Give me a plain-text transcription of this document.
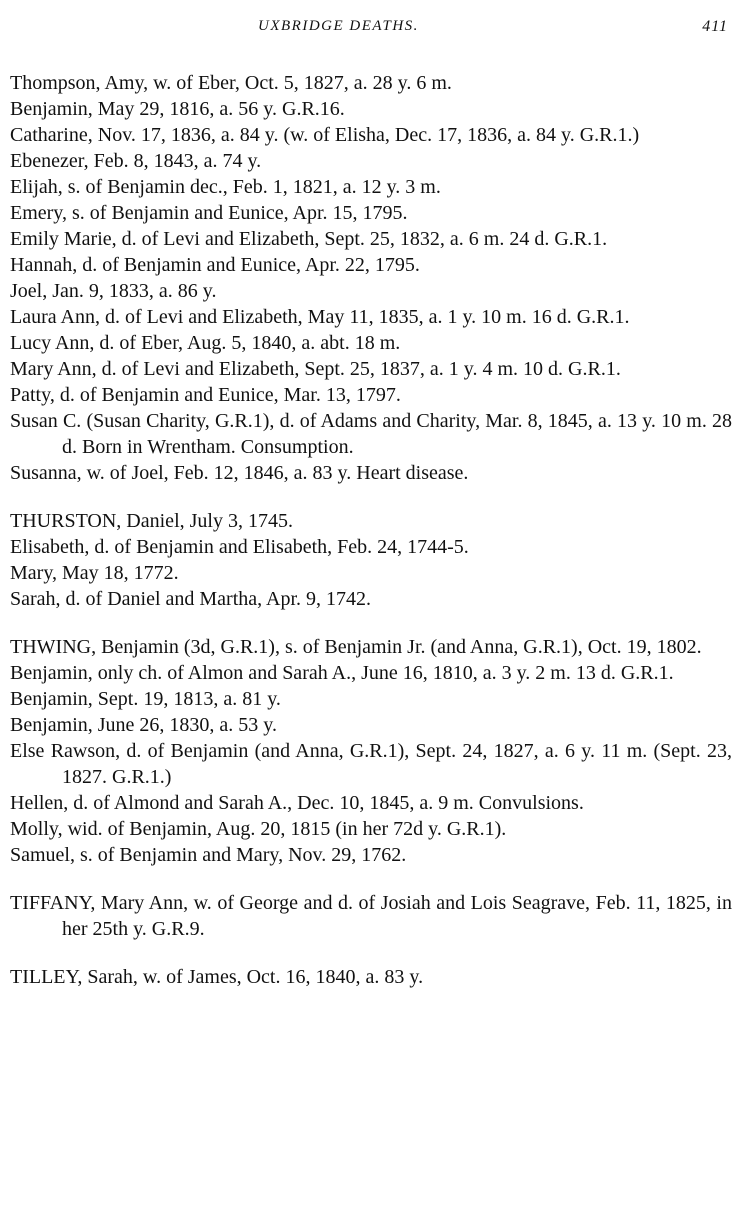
UXBRIDGE DEATHS.	411

Thompson, Amy, w. of Eber, Oct. 5, 1827, a. 28 y. 6 m.

Benjamin, May 29, 1816, a. 56 y. G.R.16.

Catharine, Nov. 17, 1836, a. 84 y. (w. of Elisha, Dec. 17, 1836, a. 84 y. G.R.1.)

Ebenezer, Feb. 8, 1843, a. 74 y.

Elijah, s. of Benjamin dec., Feb. 1, 1821, a. 12 y. 3 m.

Emery, s. of Benjamin and Eunice, Apr. 15, 1795.

Emily Marie, d. of Levi and Elizabeth, Sept. 25, 1832, a. 6 m. 24 d. G.R.1.

Hannah, d. of Benjamin and Eunice, Apr. 22, 1795.

Joel, Jan. 9, 1833, a. 86 y.

Laura Ann, d. of Levi and Elizabeth, May 11, 1835, a. 1 y. 10 m. 16 d. G.R.1.

Lucy Ann, d. of Eber, Aug. 5, 1840, a. abt. 18 m.

Mary Ann, d. of Levi and Elizabeth, Sept. 25, 1837, a. 1 y. 4 m. 10 d. G.R.1.

Patty, d. of Benjamin and Eunice, Mar. 13, 1797.

Susan C. (Susan Charity, G.R.1), d. of Adams and Charity, Mar. 8, 1845, a. 13 y. 10 m. 28 d. Born in Wrentham. Consumption.

Susanna, w. of Joel, Feb. 12, 1846, a. 83 y. Heart disease.

THURSTON, Daniel, July 3, 1745.

Elisabeth, d. of Benjamin and Elisabeth, Feb. 24, 1744-5.

Mary, May 18, 1772.

Sarah, d. of Daniel and Martha, Apr. 9, 1742.

THWING, Benjamin (3d, G.R.1), s. of Benjamin Jr. (and Anna, G.R.1), Oct. 19, 1802.

Benjamin, only ch. of Almon and Sarah A., June 16, 1810, a. 3 y. 2 m. 13 d. G.R.1.

Benjamin, Sept. 19, 1813, a. 81 y.

Benjamin, June 26, 1830, a. 53 y.

Else Rawson, d. of Benjamin (and Anna, G.R.1), Sept. 24, 1827, a. 6 y. 11 m. (Sept. 23, 1827. G.R.1.)

Hellen, d. of Almond and Sarah A., Dec. 10, 1845, a. 9 m. Convulsions.

Molly, wid. of Benjamin, Aug. 20, 1815 (in her 72d y. G.R.1).

Samuel, s. of Benjamin and Mary, Nov. 29, 1762.

TIFFANY, Mary Ann, w. of George and d. of Josiah and Lois Seagrave, Feb. 11, 1825, in her 25th y. G.R.9.

TILLEY, Sarah, w. of James, Oct. 16, 1840, a. 83 y.
